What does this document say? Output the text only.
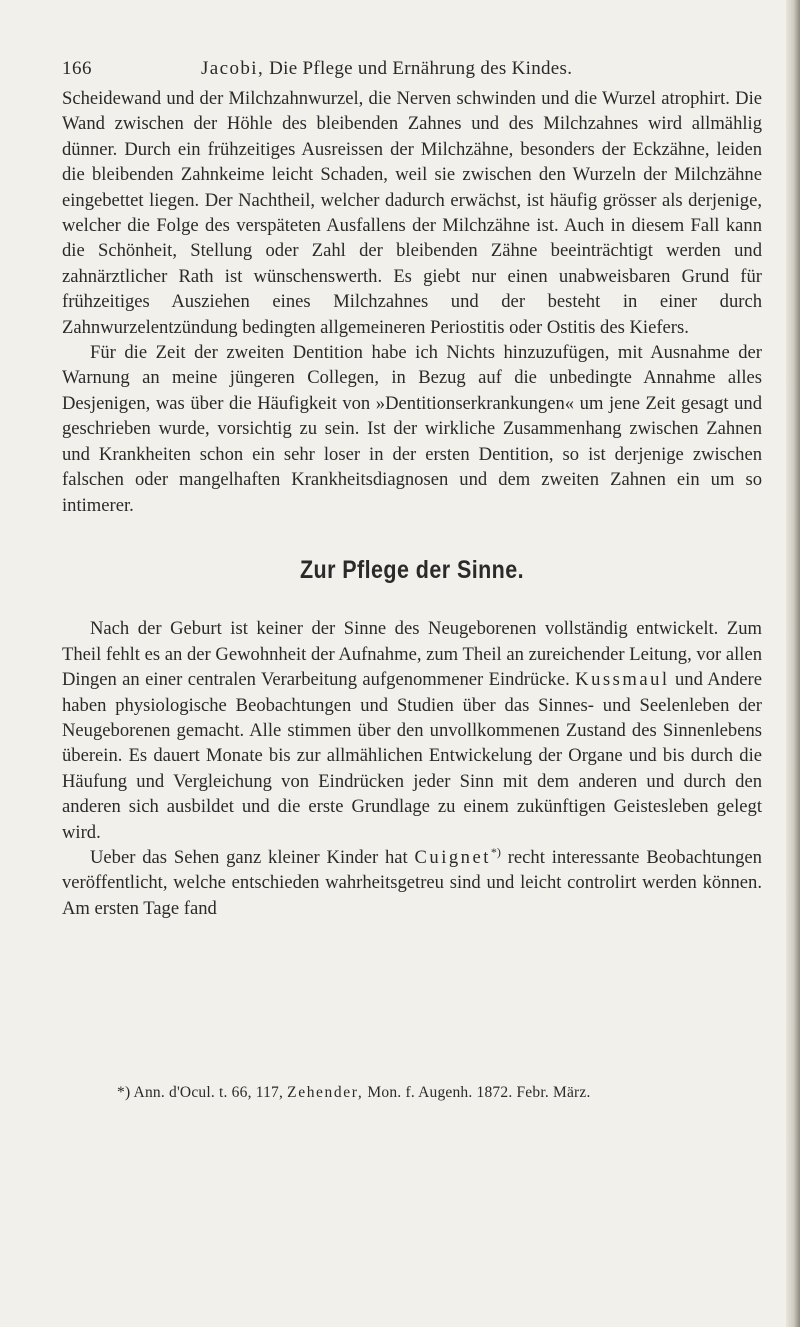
166	Jacobi, Die Pflege und Ernährung des Kindes.

Scheidewand und der Milchzahnwurzel, die Nerven schwinden und die Wurzel atrophirt. Die Wand zwischen der Höhle des bleibenden Zahnes und des Milchzahnes wird allmählig dünner. Durch ein frühzeitiges Ausreissen der Milchzähne, besonders der Eckzähne, leiden die bleibenden Zahnkeime leicht Schaden, weil sie zwischen den Wurzeln der Milchzähne eingebettet liegen. Der Nachtheil, welcher dadurch erwächst, ist häufig grösser als derjenige, welcher die Folge des verspäteten Ausfallens der Milchzähne ist. Auch in diesem Fall kann die Schönheit, Stellung oder Zahl der bleibenden Zähne beeinträchtigt werden und zahnärztlicher Rath ist wünschenswerth. Es giebt nur einen unabweisbaren Grund für frühzeitiges Ausziehen eines Milchzahnes und der besteht in einer durch Zahnwurzelentzündung bedingten allgemeineren Periostitis oder Ostitis des Kiefers.

Für die Zeit der zweiten Dentition habe ich Nichts hinzuzufügen, mit Ausnahme der Warnung an meine jüngeren Collegen, in Bezug auf die unbedingte Annahme alles Desjenigen, was über die Häufigkeit von »Dentitionserkrankungen« um jene Zeit gesagt und geschrieben wurde, vorsichtig zu sein. Ist der wirkliche Zusammenhang zwischen Zahnen und Krankheiten schon ein sehr loser in der ersten Dentition, so ist derjenige zwischen falschen oder mangelhaften Krankheitsdiagnosen und dem zweiten Zahnen ein um so intimerer.

Zur Pflege der Sinne.

Nach der Geburt ist keiner der Sinne des Neugeborenen vollständig entwickelt. Zum Theil fehlt es an der Gewohnheit der Aufnahme, zum Theil an zureichender Leitung, vor allen Dingen an einer centralen Verarbeitung aufgenommener Eindrücke. Kussmaul und Andere haben physiologische Beobachtungen und Studien über das Sinnes- und Seelenleben der Neugeborenen gemacht. Alle stimmen über den unvollkommenen Zustand des Sinnenlebens überein. Es dauert Monate bis zur allmählichen Entwickelung der Organe und bis durch die Häufung und Vergleichung von Eindrücken jeder Sinn mit dem anderen und durch den anderen sich ausbildet und die erste Grundlage zu einem zukünftigen Geistesleben gelegt wird.

Ueber das Sehen ganz kleiner Kinder hat Cuignet*) recht interessante Beobachtungen veröffentlicht, welche entschieden wahrheitsgetreu sind und leicht controlirt werden können. Am ersten Tage fand

*) Ann. d'Ocul. t. 66, 117, Zehender, Mon. f. Augenh. 1872. Febr. März.
